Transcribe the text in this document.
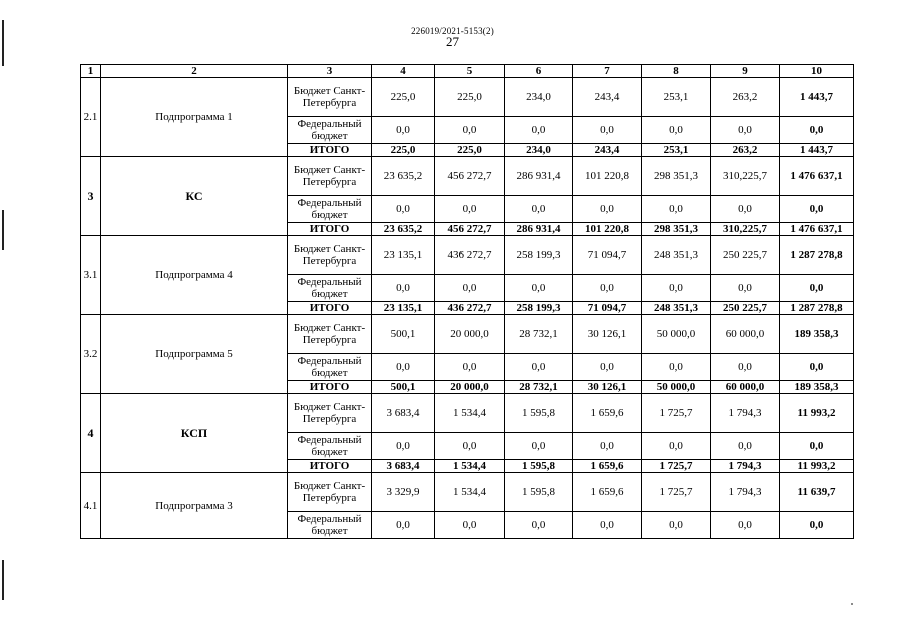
226019/2021-5153(2)
27
1	2	3	4	5	6	7	8	9	10
2.1	Подпрограмма 1	Бюджет Санкт-Петербурга	225,0	225,0	234,0	243,4	253,1	263,2	1 443,7
		Федеральный бюджет	0,0	0,0	0,0	0,0	0,0	0,0	0,0
		ИТОГО	225,0	225,0	234,0	243,4	253,1	263,2	1 443,7
3	КС	Бюджет Санкт-Петербурга	23 635,2	456 272,7	286 931,4	101 220,8	298 351,3	310,225,7	1 476 637,1
		Федеральный бюджет	0,0	0,0	0,0	0,0	0,0	0,0	0,0
		ИТОГО	23 635,2	456 272,7	286 931,4	101 220,8	298 351,3	310,225,7	1 476 637,1
3.1	Подпрограмма 4	Бюджет Санкт-Петербурга	23 135,1	436 272,7	258 199,3	71 094,7	248 351,3	250 225,7	1 287 278,8
		Федеральный бюджет	0,0	0,0	0,0	0,0	0,0	0,0	0,0
		ИТОГО	23 135,1	436 272,7	258 199,3	71 094,7	248 351,3	250 225,7	1 287 278,8
3.2	Подпрограмма 5	Бюджет Санкт-Петербурга	500,1	20 000,0	28 732,1	30 126,1	50 000,0	60 000,0	189 358,3
		Федеральный бюджет	0,0	0,0	0,0	0,0	0,0	0,0	0,0
		ИТОГО	500,1	20 000,0	28 732,1	30 126,1	50 000,0	60 000,0	189 358,3
4	КСП	Бюджет Санкт-Петербурга	3 683,4	1 534,4	1 595,8	1 659,6	1 725,7	1 794,3	11 993,2
		Федеральный бюджет	0,0	0,0	0,0	0,0	0,0	0,0	0,0
		ИТОГО	3 683,4	1 534,4	1 595,8	1 659,6	1 725,7	1 794,3	11 993,2
4.1	Подпрограмма 3	Бюджет Санкт-Петербурга	3 329,9	1 534,4	1 595,8	1 659,6	1 725,7	1 794,3	11 639,7
		Федеральный бюджет	0,0	0,0	0,0	0,0	0,0	0,0	0,0
